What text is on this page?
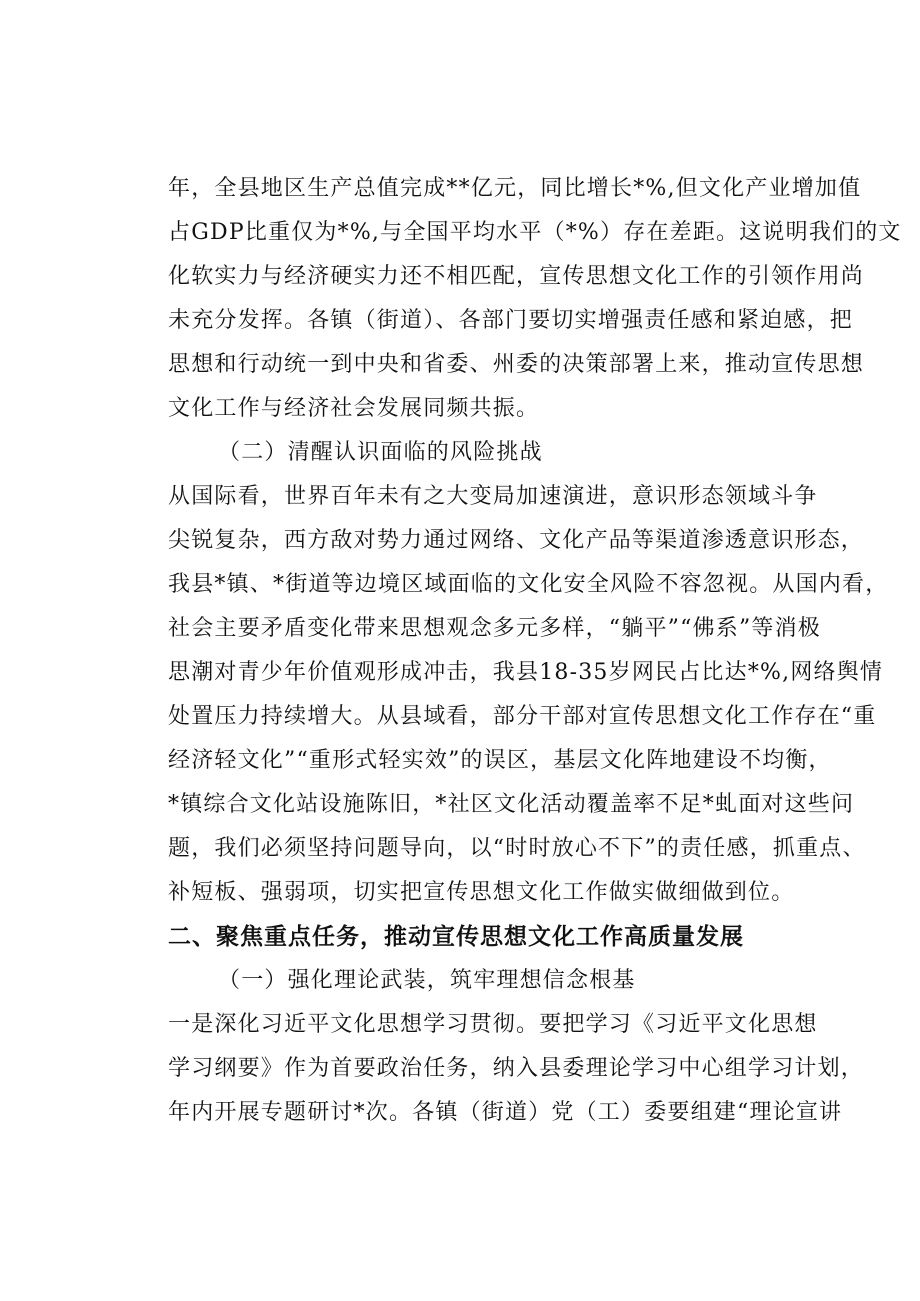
年，全县地区生产总值完成**亿元，同比增长*%,但文化产业增加值
占GDP比重仅为*%,与全国平均水平（*%）存在差距。这说明我们的文
化软实力与经济硬实力还不相匹配，宣传思想文化工作的引领作用尚
未充分发挥。各镇（街道）、各部门要切实增强责任感和紧迫感，把
思想和行动统一到中央和省委、州委的决策部署上来，推动宣传思想
文化工作与经济社会发展同频共振。
（二）清醒认识面临的风险挑战
从国际看，世界百年未有之大变局加速演进，意识形态领域斗争
尖锐复杂，西方敌对势力通过网络、文化产品等渠道渗透意识形态，
我县*镇、*街道等边境区域面临的文化安全风险不容忽视。从国内看，
社会主要矛盾变化带来思想观念多元多样，“躺平”“佛系”等消极
思潮对青少年价值观形成冲击，我县18-35岁网民占比达*%,网络舆情
处置压力持续增大。从县域看，部分干部对宣传思想文化工作存在“重
经济轻文化”“重形式轻实效”的误区，基层文化阵地建设不均衡，
*镇综合文化站设施陈旧，*社区文化活动覆盖率不足*虬面对这些问
题，我们必须坚持问题导向，以“时时放心不下”的责任感，抓重点、
补短板、强弱项，切实把宣传思想文化工作做实做细做到位。
二、聚焦重点任务，推动宣传思想文化工作高质量发展
（一）强化理论武装，筑牢理想信念根基
一是深化习近平文化思想学习贯彻。要把学习《习近平文化思想
学习纲要》作为首要政治任务，纳入县委理论学习中心组学习计划，
年内开展专题研讨*次。各镇（街道）党（工）委要组建“理论宣讲
